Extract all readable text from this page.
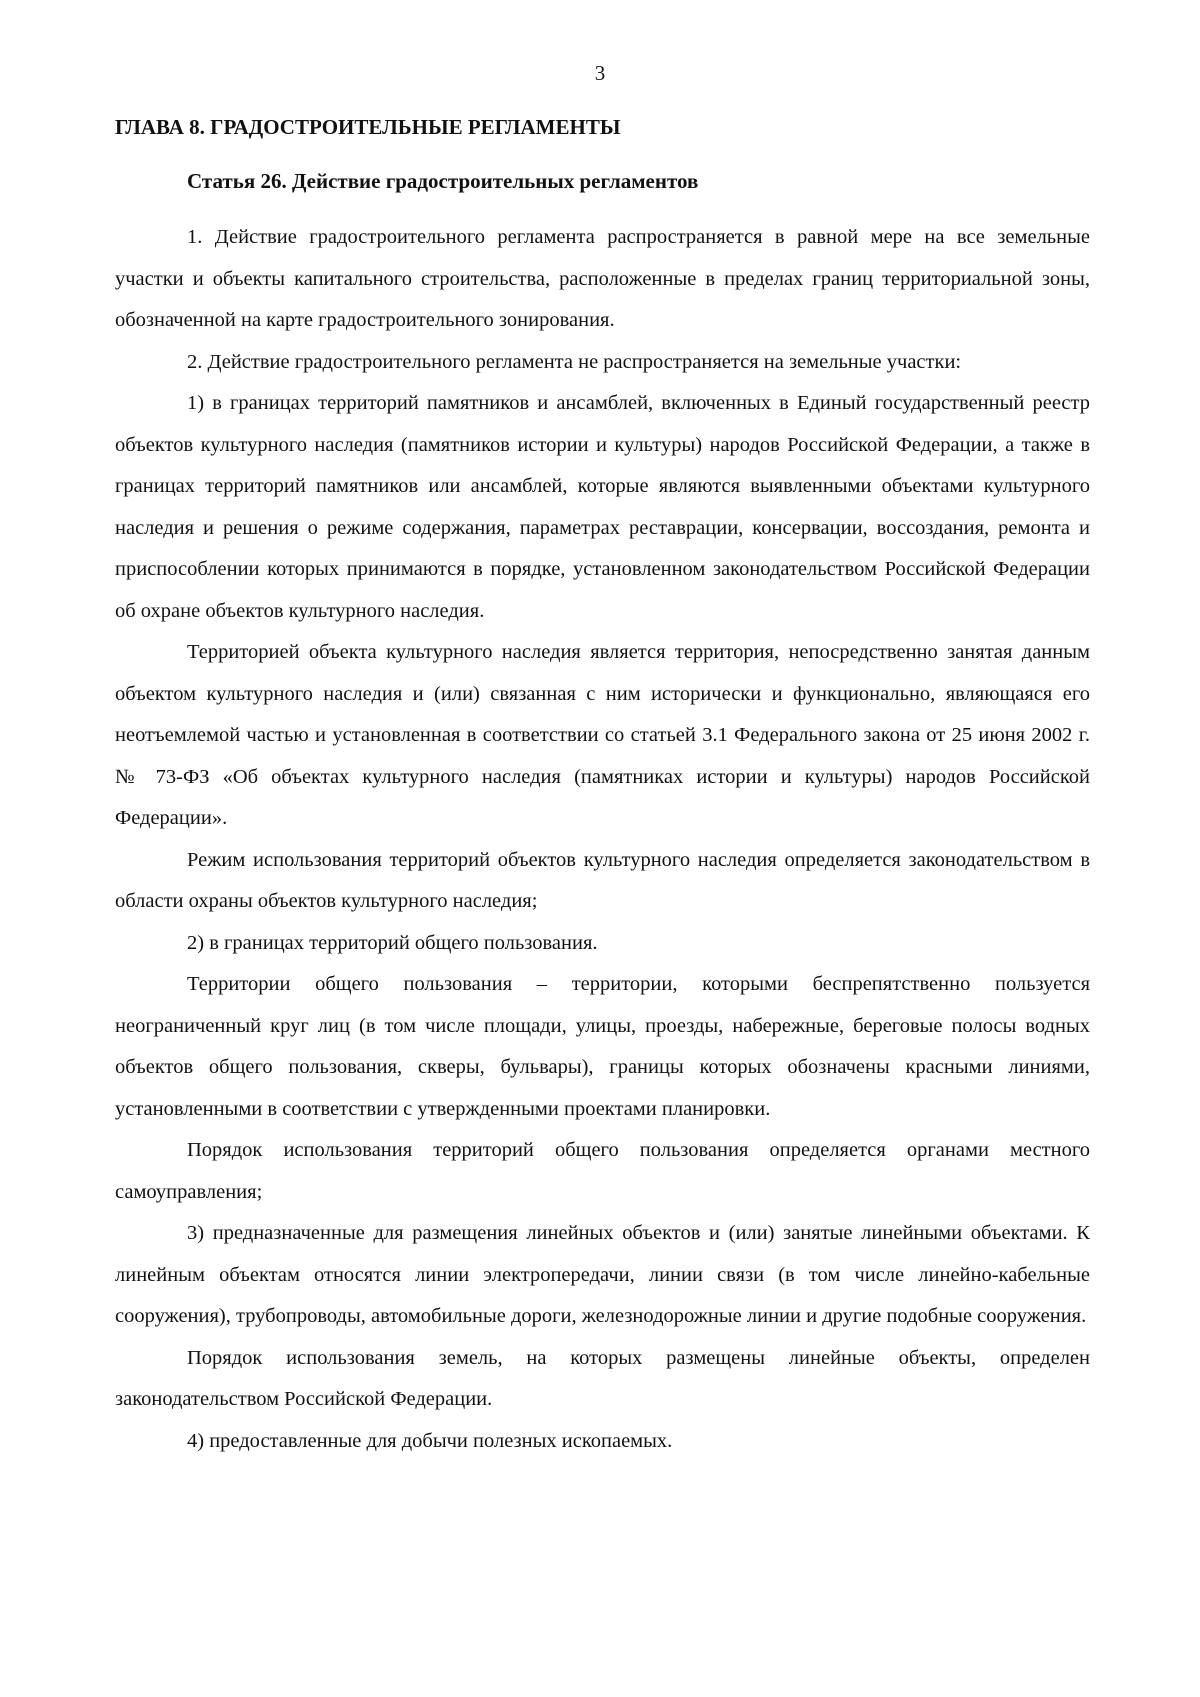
3
ГЛАВА 8. ГРАДОСТРОИТЕЛЬНЫЕ РЕГЛАМЕНТЫ
Статья 26. Действие градостроительных регламентов

1. Действие градостроительного регламента распространяется в равной мере на все земельные участки и объекты капитального строительства, расположенные в пределах границ территориальной зоны, обозначенной на карте градостроительного зонирования.

2. Действие градостроительного регламента не распространяется на земельные участки:

1) в границах территорий памятников и ансамблей, включенных в Единый государственный реестр объектов культурного наследия (памятников истории и культуры) народов Российской Федерации, а также в границах территорий памятников или ансамблей, которые являются выявленными объектами культурного наследия и решения о режиме содержания, параметрах реставрации, консервации, воссоздания, ремонта и приспособлении которых принимаются в порядке, установленном законодательством Российской Федерации об охране объектов культурного наследия.

Территорией объекта культурного наследия является территория, непосредственно занятая данным объектом культурного наследия и (или) связанная с ним исторически и функционально, являющаяся его неотъемлемой частью и установленная в соответствии со статьей 3.1 Федерального закона от 25 июня 2002 г. № 73-ФЗ «Об объектах культурного наследия (памятниках истории и культуры) народов Российской Федерации».

Режим использования территорий объектов культурного наследия определяется законодательством в области охраны объектов культурного наследия;

2) в границах территорий общего пользования.

Территории общего пользования – территории, которыми беспрепятственно пользуется неограниченный круг лиц (в том числе площади, улицы, проезды, набережные, береговые полосы водных объектов общего пользования, скверы, бульвары), границы которых обозначены красными линиями, установленными в соответствии с утвержденными проектами планировки.

Порядок использования территорий общего пользования определяется органами местного самоуправления;

3) предназначенные для размещения линейных объектов и (или) занятые линейными объектами. К линейным объектам относятся линии электропередачи, линии связи (в том числе линейно-кабельные сооружения), трубопроводы, автомобильные дороги, железнодорожные линии и другие подобные сооружения.

Порядок использования земель, на которых размещены линейные объекты, определен законодательством Российской Федерации.

4) предоставленные для добычи полезных ископаемых.
